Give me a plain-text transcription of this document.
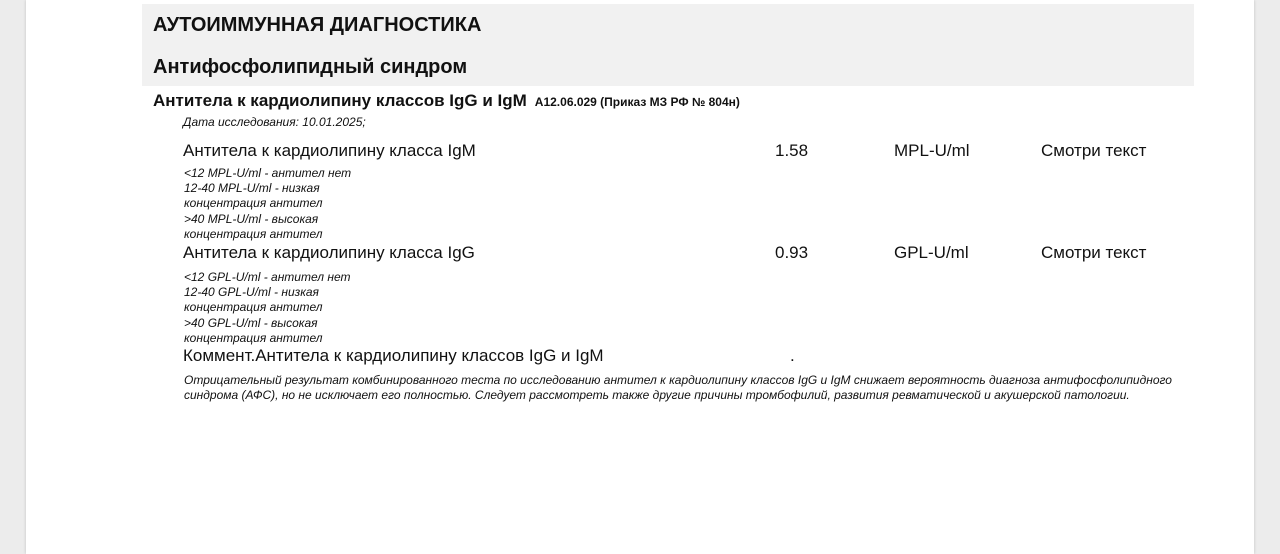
АУТОИММУННАЯ ДИАГНОСТИКА
Антифосфолипидный синдром
Антитела к кардиолипину классов IgG и IgM A12.06.029 (Приказ МЗ РФ № 804н)
Дата исследования: 10.01.2025;
Антитела к кардиолипину класса IgM	1.58	MPL-U/ml	Смотри текст
<12 MPL-U/ml - антител нет
12-40 MPL-U/ml - низкая
концентрация антител
>40 MPL-U/ml - высокая
концентрация антител
Антитела к кардиолипину класса IgG	0.93	GPL-U/ml	Смотри текст
<12 GPL-U/ml - антител нет
12-40 GPL-U/ml - низкая
концентрация антител
>40 GPL-U/ml - высокая
концентрация антител
Коммент.Антитела к кардиолипину классов IgG и IgM	.
Отрицательный результат комбинированного теста по исследованию антител к кардиолипину классов IgG и IgM снижает вероятность диагноза антифосфолипидного синдрома (АФС), но не исключает его полностью. Следует рассмотреть также другие причины тромбофилий, развития ревматической и акушерской патологии.
